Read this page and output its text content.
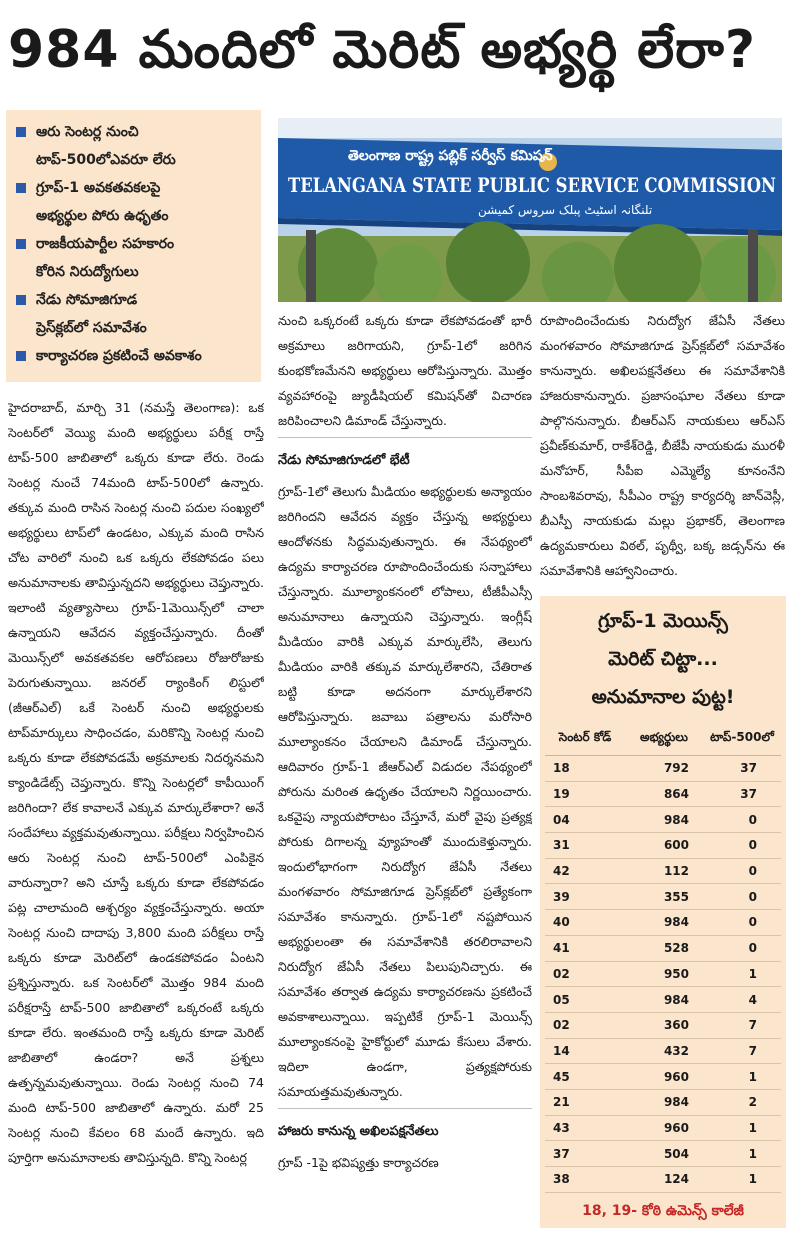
984 మందిలో మెరిట్ అభ్యర్థి లేరా?
ఆరు సెంటర్ల నుంచి
టాప్-500లోఎవరూ లేరు
గ్రూప్-1 అవకతవకలపై
అభ్యర్థుల పోరు ఉధృతం
రాజకీయపార్టీల సహకారం
కోరిన నిరుద్యోగులు
నేడు సోమాజిగూడ
ప్రెస్‌క్లబ్‌లో సమావేశం
కార్యాచరణ ప్రకటించే అవకాశం
తెలంగాణ రాష్ట్ర పబ్లిక్ సర్వీస్ కమిషన్
TELANGANA STATE PUBLIC SERVICE COMMISSION
تلنگانہ اسٹیٹ پبلک سروس کمیشن

హైదరాబాద్, మార్చి 31 (నమస్తే తెలంగాణ): ఒక సెంటర్‌లో వెయ్యి మంది అభ్యర్థులు పరీక్ష రాస్తే టాప్-500 జాబితాలో ఒక్కరు కూడా లేరు. రెండు సెంటర్ల నుంచే 74మంది టాప్-500లో ఉన్నారు. తక్కువ మంది రాసిన సెంటర్ల నుంచి పదుల సంఖ్యలో అభ్యర్థులు టాప్‌లో ఉండటం, ఎక్కువ మంది రాసిన చోట వారిలో నుంచి ఒక ఒక్కరు లేకపోవడం పలు అనుమానాలకు తావిస్తున్నదని అభ్యర్థులు చెప్తున్నారు. ఇలాంటి వ్యత్యాసాలు గ్రూప్-1మెయిన్స్‌లో చాలా ఉన్నాయని ఆవేదన వ్యక్తంచేస్తున్నారు. దీంతో మెయిన్స్‌లో అవకతవకల ఆరోపణలు రోజురోజుకు పెరుగుతున్నాయి. జనరల్ ర్యాంకింగ్ లిస్టులో (జీఆర్‌ఎల్) ఒకే సెంటర్ నుంచి అభ్యర్థులకు టాప్‌మార్కులు సాధించడం, మరికొన్ని సెంటర్ల నుంచి ఒక్కరు కూడా లేకపోవడమే అక్రమాలకు నిదర్శనమని క్యాండిడేట్స్ చెప్తున్నారు. కొన్ని సెంటర్లలో కాపీయింగ్ జరిగిందా? లేక కావాలనే ఎక్కువ మార్కులేశారా? అనే సందేహాలు వ్యక్తమవుతున్నాయి. పరీక్షలు నిర్వహించిన ఆరు సెంటర్ల నుంచి టాప్-500లో ఎంపికైన వారున్నారా? అని చూస్తే ఒక్కరు కూడా లేకపోవడం పట్ల చాలామంది ఆశ్చర్యం వ్యక్తంచేస్తున్నారు. అయా సెంటర్ల నుంచి దాదాపు 3,800 మంది పరీక్షలు రాస్తే ఒక్కరు కూడా మెరిట్‌లో ఉండకపోవడం ఏంటని ప్రశ్నిస్తున్నారు. ఒక సెంటర్‌లో మొత్తం 984 మంది పరీక్షరాస్తే టాప్-500 జాబితాలో ఒక్కరంటే ఒక్కరు కూడా లేరు. ఇంతమంది రాస్తే ఒక్కరు కూడా మెరిట్ జాబితాలో ఉండరా? అనే ప్రశ్నలు ఉత్పన్నమవుతున్నాయి. రెండు సెంటర్ల నుంచి 74 మంది టాప్-500 జాబితాలో ఉన్నారు. మరో 25 సెంటర్ల నుంచి కేవలం 68 మందే ఉన్నారు. ఇది పూర్తిగా అనుమానాలకు తావిస్తున్నది. కొన్ని సెంటర్ల

నుంచి ఒక్కరంటే ఒక్కరు కూడా లేకపోవడంతో భారీ అక్రమాలు జరిగాయని, గ్రూప్-1లో జరిగిన కుంభకోణమేనని అభ్యర్థులు ఆరోపిస్తున్నారు. మొత్తం వ్యవహారంపై జ్యుడీషియల్ కమిషన్‌తో విచారణ జరిపించాలని డిమాండ్ చేస్తున్నారు.

నేడు సోమాజిగూడలో భేటీ

గ్రూప్-1లో తెలుగు మీడియం అభ్యర్థులకు అన్యాయం జరిగిందని ఆవేదన వ్యక్తం చేస్తున్న అభ్యర్థులు ఆందోళనకు సిద్ధమవుతున్నారు. ఈ నేపథ్యంలో ఉద్యమ కార్యాచరణ రూపొందించేందుకు సన్నాహాలు చేస్తున్నారు. మూల్యాంకనంలో లోపాలు, టీజీపీఎస్సీ అనుమానాలు ఉన్నాయని చెప్తున్నారు. ఇంగ్లీష్ మీడియం వారికి ఎక్కువ మార్కులేసి, తెలుగు మీడియం వారికి తక్కువ మార్కులేశారని, చేతిరాత బట్టి కూడా అదనంగా మార్కులేశారని ఆరోపిస్తున్నారు. జవాబు పత్రాలను మరోసారి మూల్యాంకనం చేయాలని డిమాండ్ చేస్తున్నారు. ఆదివారం గ్రూప్-1 జీఆర్‌ఎల్ విడుదల నేపథ్యంలో పోరును మరింత ఉధృతం చేయాలని నిర్ణయించారు. ఒకవైపు న్యాయపోరాటం చేస్తూనే, మరో వైపు ప్రత్యక్ష పోరుకు దిగాలన్న వ్యూహంతో ముందుకెళ్తున్నారు. ఇందులోభాగంగా నిరుద్యోగ జేఏసీ నేతలు మంగళవారం సోమాజిగూడ ప్రెస్‌క్లబ్‌లో ప్రత్యేకంగా సమావేశం కానున్నారు. గ్రూప్-1లో నష్టపోయిన అభ్యర్థులంతా ఈ సమావేశానికి తరలిరావాలని నిరుద్యోగ జేఏసీ నేతలు పిలుపునిచ్చారు. ఈ సమావేశం తర్వాత ఉద్యమ కార్యాచరణను ప్రకటించే అవకాశాలున్నాయి. ఇప్పటికే గ్రూప్-1 మెయిన్స్ మూల్యాంకనంపై హైకోర్టులో మూడు కేసులు వేశారు. ఇదిలా ఉండగా, ప్రత్యక్షపోరుకు సమాయత్తమవుతున్నారు.

హాజరు కానున్న అఖిలపక్షనేతలు

గ్రూప్ -1పై భవిష్యత్తు కార్యాచరణ

రూపొందించేందుకు నిరుద్యోగ జేఏసీ నేతలు మంగళవారం సోమాజిగూడ ప్రెస్‌క్లబ్‌లో సమావేశం కానున్నారు. అఖిలపక్షనేతలు ఈ సమావేశానికి హాజరుకానున్నారు. ప్రజాసంఘాల నేతలు కూడా పాల్గొననున్నారు. బీఆర్‌ఎస్ నాయకులు ఆర్‌ఎస్ ప్రవీణ్‌కుమార్, రాకేశ్‌రెడ్డి, బీజేపీ నాయకుడు మురళీ మనోహర్, సీపీఐ ఎమ్మెల్యే కూనంనేని సాంబశివరావు, సీపీఎం రాష్ట్ర కార్యదర్శి జాన్‌వెస్లీ, బీఎస్పీ నాయకుడు మల్లు ప్రభాకర్, తెలంగాణ ఉద్యమకారులు విఠల్, పృథ్వీ, బక్క జడ్సన్‌ను ఈ సమావేశానికి ఆహ్వానించారు.

గ్రూప్-1 మెయిన్స్
మెరిట్ చిట్టా...
అనుమానాల పుట్ట!
సెంటర్ కోడ్	అభ్యర్థులు	టాప్-500లో
18	792	37
19	864	37
04	984	0
31	600	0
42	112	0
39	355	0
40	984	0
41	528	0
02	950	1
05	984	4
02	360	7
14	432	7
45	960	1
21	984	2
43	960	1
37	504	1
38	124	1
18, 19- కోఠి ఉమెన్స్ కాలేజీ
